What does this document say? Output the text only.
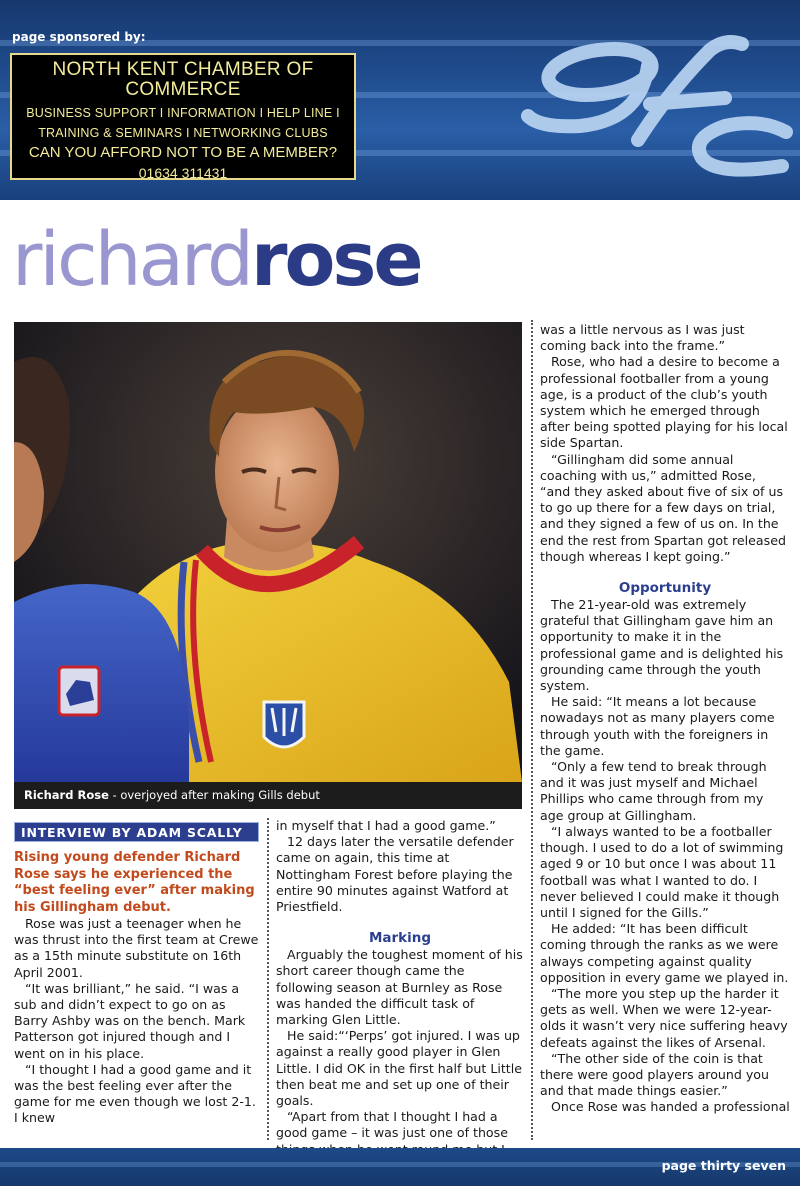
page sponsored by:
NORTH KENT CHAMBER OF
COMMERCE
BUSINESS SUPPORT I INFORMATION I HELP LINE I
TRAINING & SEMINARS I NETWORKING CLUBS
CAN YOU AFFORD NOT TO BE A MEMBER?
01634 311431
richardrose
Richard Rose - overjoyed after making Gills debut
INTERVIEW BY ADAM SCALLY

Rising young defender Richard Rose says he experienced the “best feeling ever” after making his Gillingham debut.

Rose was just a teenager when he was thrust into the first team at Crewe as a 15th minute substitute on 16th April 2001.

“It was brilliant,” he said. “I was a sub and didn’t expect to go on as Barry Ashby was on the bench. Mark Patterson got injured though and I went on in his place.

“I thought I had a good game and it was the best feeling ever after the game for me even though we lost 2-1. I knew

in myself that I had a good game.”

12 days later the versatile defender came on again, this time at Nottingham Forest before playing the entire 90 minutes against Watford at Priestfield.

Marking

Arguably the toughest moment of his short career though came the following season at Burnley as Rose was handed the difficult task of marking Glen Little.

He said:“‘Perps’ got injured. I was up against a really good player in Glen Little. I did OK in the first half but Little then beat me and set up one of their goals.

“Apart from that I thought I had a good game – it was just one of those

was a little nervous as I was just coming back into the frame.”

Rose, who had a desire to become a professional footballer from a young age, is a product of the club’s youth system which he emerged through after being spotted playing for his local side Spartan.

“Gillingham did some annual coaching with us,” admitted Rose, “and they asked about five of six of us to go up there for a few days on trial, and they signed a few of us on. In the end the rest from Spartan got released though whereas I kept going.”

Opportunity

The 21-year-old was extremely grateful that Gillingham gave him an opportunity to make it in the professional game and is delighted his grounding came through the youth system.

He said: “It means a lot because nowadays not as many players come through youth with the foreigners in the game.

“Only a few tend to break through and it was just myself and Michael Phillips who came through from my age group at Gillingham.

“I always wanted to be a footballer though. I used to do a lot of swimming aged 9 or 10 but once I was about 11 football was what I wanted to do. I never believed I could make it though until I signed for the Gills.”

He added: “It has been difficult coming through the ranks as we were always competing against quality opposition in every game we played in.

“The more you step up the harder it gets as well. When we were 12-year-olds it wasn’t very nice suffering heavy defeats against the likes of Arsenal.

“The other side of the coin is that there were good players around you and that made things easier.”

Once Rose was handed a professional

page thirty seven
